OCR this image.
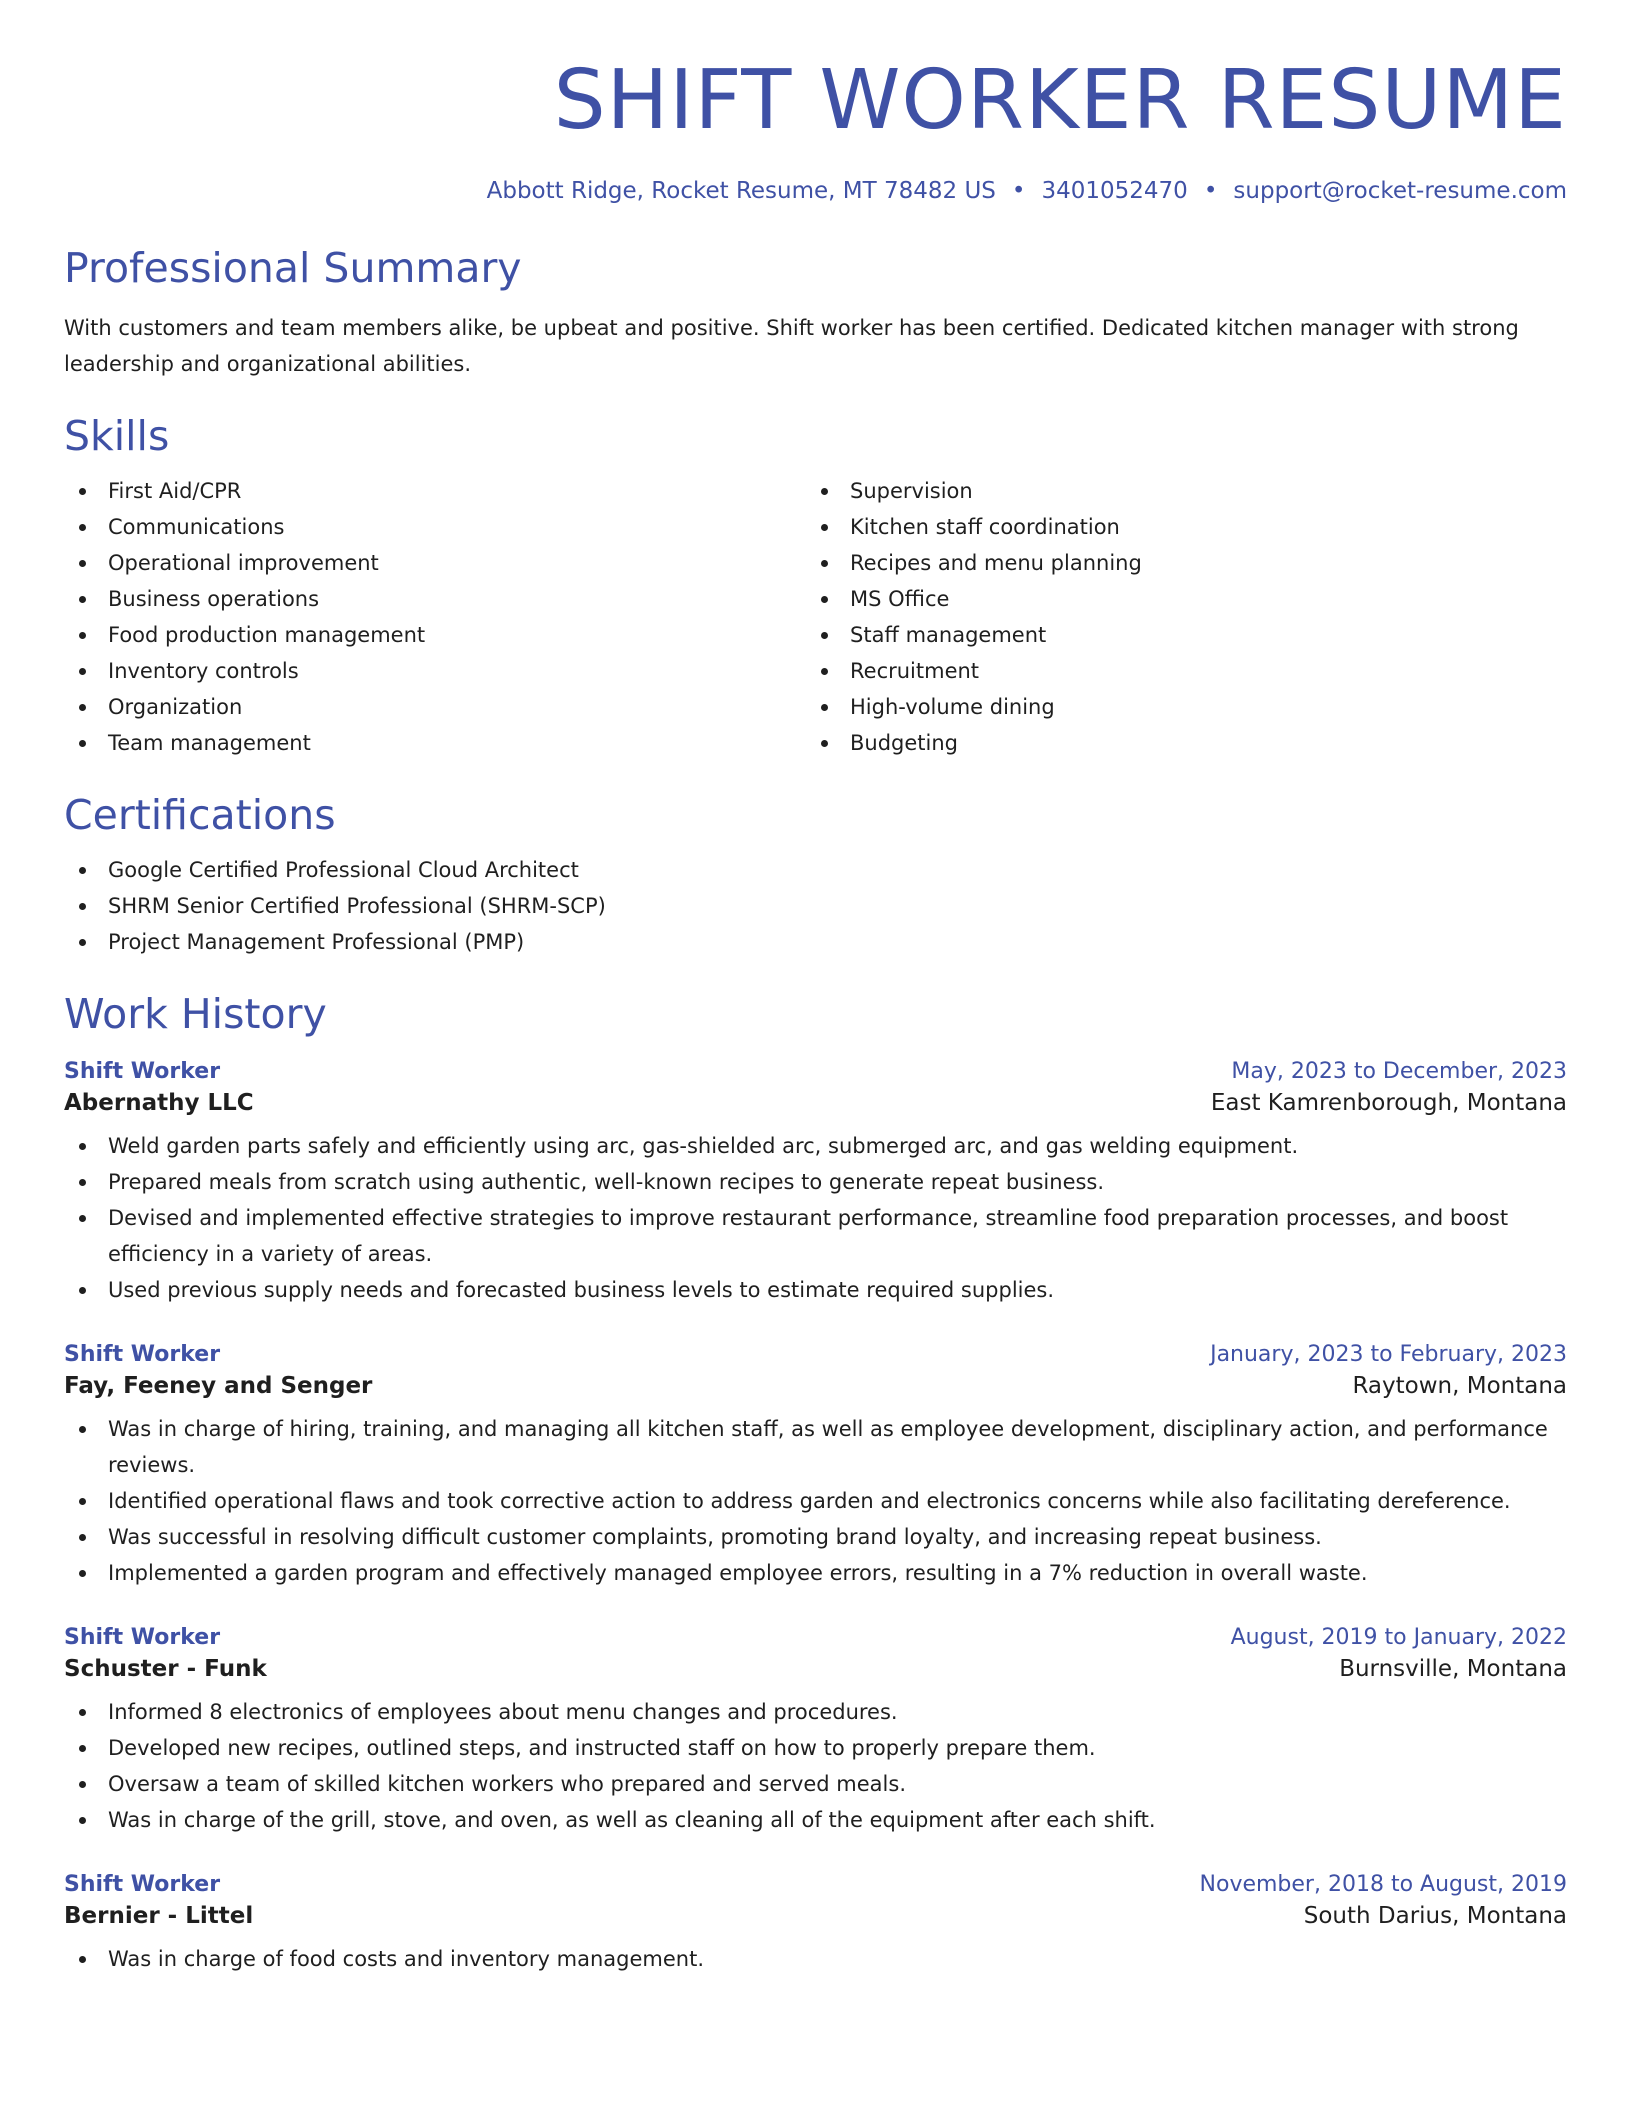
SHIFT WORKER RESUME
Abbott Ridge, Rocket Resume, MT 78482 US • 3401052470 • support@rocket-resume.com
Professional Summary

With customers and team members alike, be upbeat and positive. Shift worker has been certified. Dedicated kitchen manager with strong leadership and organizational abilities.

Skills
First Aid/CPR
Communications
Operational improvement
Business operations
Food production management
Inventory controls
Organization
Team management
Supervision
Kitchen staff coordination
Recipes and menu planning
MS Office
Staff management
Recruitment
High-volume dining
Budgeting
Certifications
Google Certified Professional Cloud Architect
SHRM Senior Certified Professional (SHRM-SCP)
Project Management Professional (PMP)
Work History
Shift Worker	May, 2023 to December, 2023
Abernathy LLC	East Kamrenborough, Montana
Weld garden parts safely and efficiently using arc, gas-shielded arc, submerged arc, and gas welding equipment.
Prepared meals from scratch using authentic, well-known recipes to generate repeat business.
Devised and implemented effective strategies to improve restaurant performance, streamline food preparation processes, and boost efficiency in a variety of areas.
Used previous supply needs and forecasted business levels to estimate required supplies.
Shift Worker	January, 2023 to February, 2023
Fay, Feeney and Senger	Raytown, Montana
Was in charge of hiring, training, and managing all kitchen staff, as well as employee development, disciplinary action, and performance reviews.
Identified operational flaws and took corrective action to address garden and electronics concerns while also facilitating dereference.
Was successful in resolving difficult customer complaints, promoting brand loyalty, and increasing repeat business.
Implemented a garden program and effectively managed employee errors, resulting in a 7% reduction in overall waste.
Shift Worker	August, 2019 to January, 2022
Schuster - Funk	Burnsville, Montana
Informed 8 electronics of employees about menu changes and procedures.
Developed new recipes, outlined steps, and instructed staff on how to properly prepare them.
Oversaw a team of skilled kitchen workers who prepared and served meals.
Was in charge of the grill, stove, and oven, as well as cleaning all of the equipment after each shift.
Shift Worker	November, 2018 to August, 2019
Bernier - Littel	South Darius, Montana
Was in charge of food costs and inventory management.
